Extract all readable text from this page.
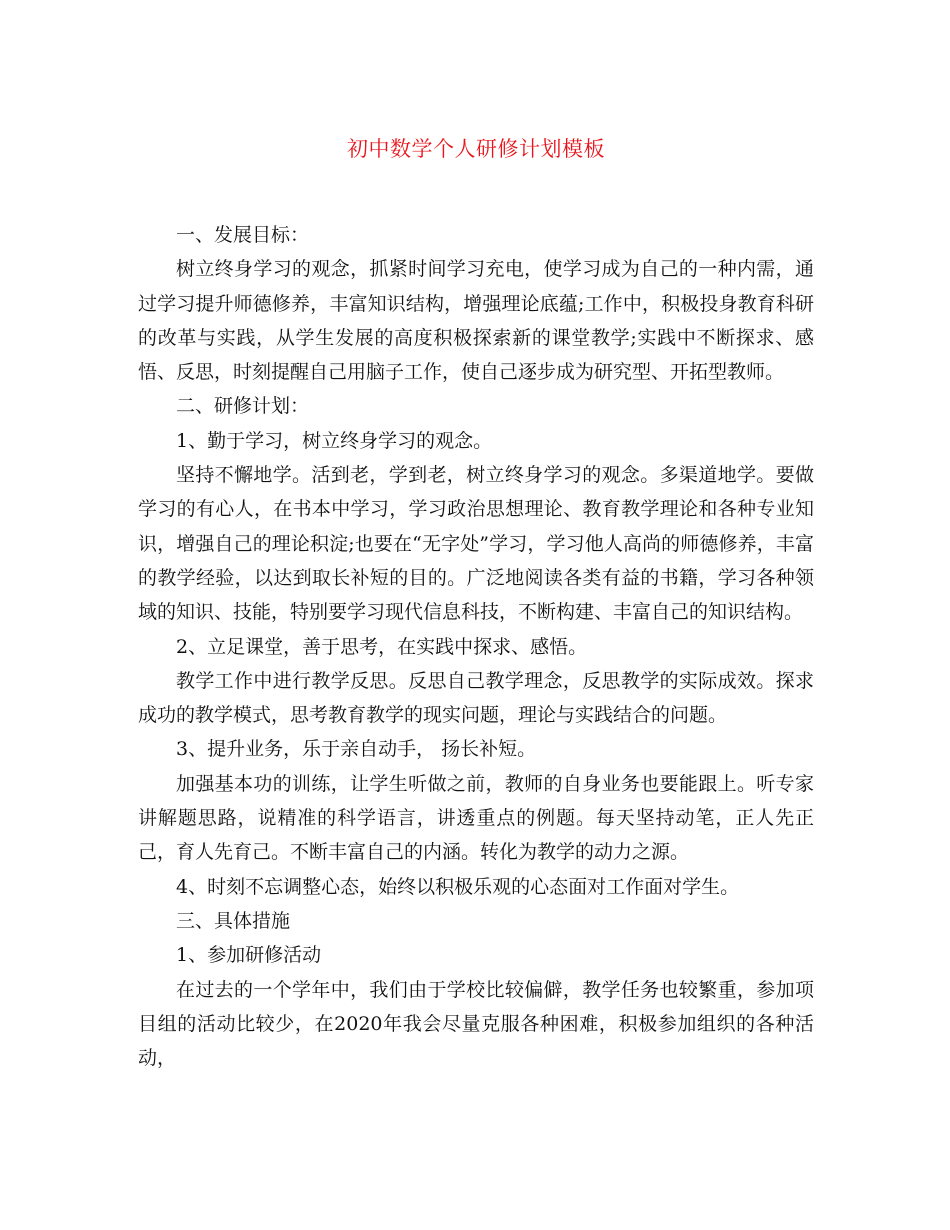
初中数学个人研修计划模板

一、发展目标：

树立终身学习的观念，抓紧时间学习充电，使学习成为自己的一种内需，通过学习提升师德修养，丰富知识结构，增强理论底蕴;工作中，积极投身教育科研的改革与实践，从学生发展的高度积极探索新的课堂教学;实践中不断探求、感悟、反思，时刻提醒自己用脑子工作，使自己逐步成为研究型、开拓型教师。

二、研修计划：

1、勤于学习，树立终身学习的观念。

坚持不懈地学。活到老，学到老，树立终身学习的观念。多渠道地学。要做学习的有心人，在书本中学习，学习政治思想理论、教育教学理论和各种专业知识，增强自己的理论积淀;也要在“无字处”学习，学习他人高尚的师德修养，丰富的教学经验，以达到取长补短的目的。广泛地阅读各类有益的书籍，学习各种领域的知识、技能，特别要学习现代信息科技，不断构建、丰富自己的知识结构。

2、立足课堂，善于思考，在实践中探求、感悟。

教学工作中进行教学反思。反思自己教学理念，反思教学的实际成效。探求成功的教学模式，思考教育教学的现实问题，理论与实践结合的问题。

3、提升业务，乐于亲自动手， 扬长补短。

加强基本功的训练，让学生听做之前，教师的自身业务也要能跟上。听专家讲解题思路，说精准的科学语言，讲透重点的例题。每天坚持动笔，正人先正己，育人先育己。不断丰富自己的内涵。转化为教学的动力之源。

4、时刻不忘调整心态，始终以积极乐观的心态面对工作面对学生。

三、具体措施

1、参加研修活动

在过去的一个学年中，我们由于学校比较偏僻，教学任务也较繁重，参加项目组的活动比较少，在2020年我会尽量克服各种困难，积极参加组织的各种活动，
